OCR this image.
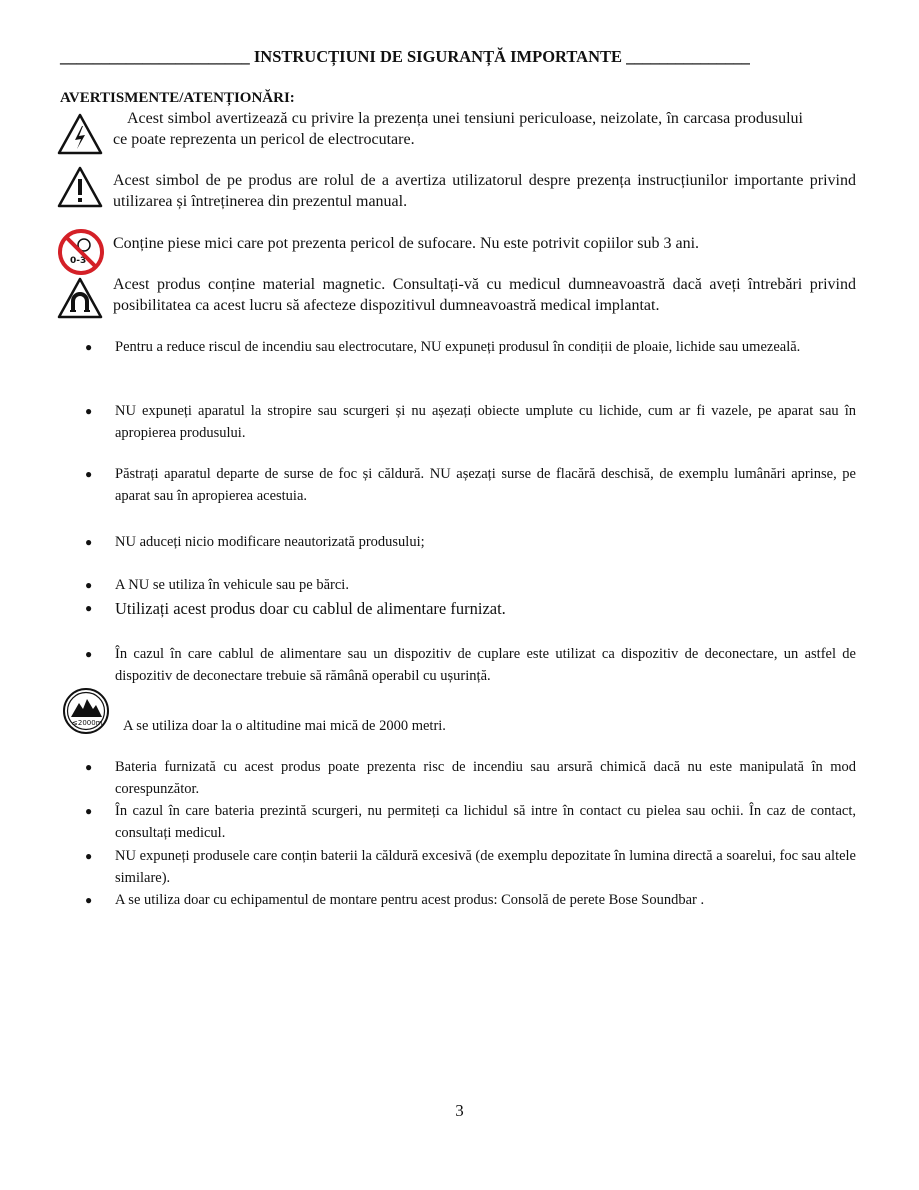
_______________________ INSTRUCȚIUNI DE SIGURANȚĂ IMPORTANTE _______________
AVERTISMENTE/ATENȚIONĂRI:
Acest simbol avertizează cu privire la prezența unei tensiuni periculoase, neizolate, în carcasa produsului ce poate reprezenta un pericol de electrocutare.
Acest simbol de pe produs are rolul de a avertiza utilizatorul despre prezența instrucțiunilor importante privind utilizarea și întreținerea din prezentul manual.
0-3
Conține piese mici care pot prezenta pericol de sufocare. Nu este potrivit copiilor sub 3 ani.
Acest produs conține material magnetic. Consultați-vă cu medicul dumneavoastră dacă aveți întrebări privind posibilitatea ca acest lucru să afecteze dispozitivul dumneavoastră medical implantat.
●	Pentru a reduce riscul de incendiu sau electrocutare, NU expuneți produsul în condiții de ploaie, lichide sau umezeală.
●	NU expuneți aparatul la stropire sau scurgeri și nu așezați obiecte umplute cu lichide, cum ar fi vazele, pe aparat sau în apropierea produsului.
●	Păstrați aparatul departe de surse de foc și căldură. NU așezați surse de flacără deschisă, de exemplu lumânări aprinse, pe aparat sau în apropierea acestuia.
●	NU aduceți nicio modificare neautorizată produsului;
●	A NU se utiliza în vehicule sau pe bărci.
●	Utilizați acest produs doar cu cablul de alimentare furnizat.
●	În cazul în care cablul de alimentare sau un dispozitiv de cuplare este utilizat ca dispozitiv de deconectare, un astfel de dispozitiv de deconectare trebuie să rămână operabil cu ușurință.
●	Bateria furnizată cu acest produs poate prezenta risc de incendiu sau arsură chimică dacă nu este manipulată în mod corespunzător.
●	În cazul în care bateria prezintă scurgeri, nu permiteți ca lichidul să intre în contact cu pielea sau ochii. În caz de contact, consultați medicul.
●	NU expuneți produsele care conțin baterii la căldură excesivă (de exemplu depozitate în lumina directă a soarelui, foc sau altele similare).
●	A se utiliza doar cu echipamentul de montare pentru acest produs: Consolă de perete Bose Soundbar .
≤2000m A se utiliza doar la o altitudine mai mică de 2000 metri.
3
